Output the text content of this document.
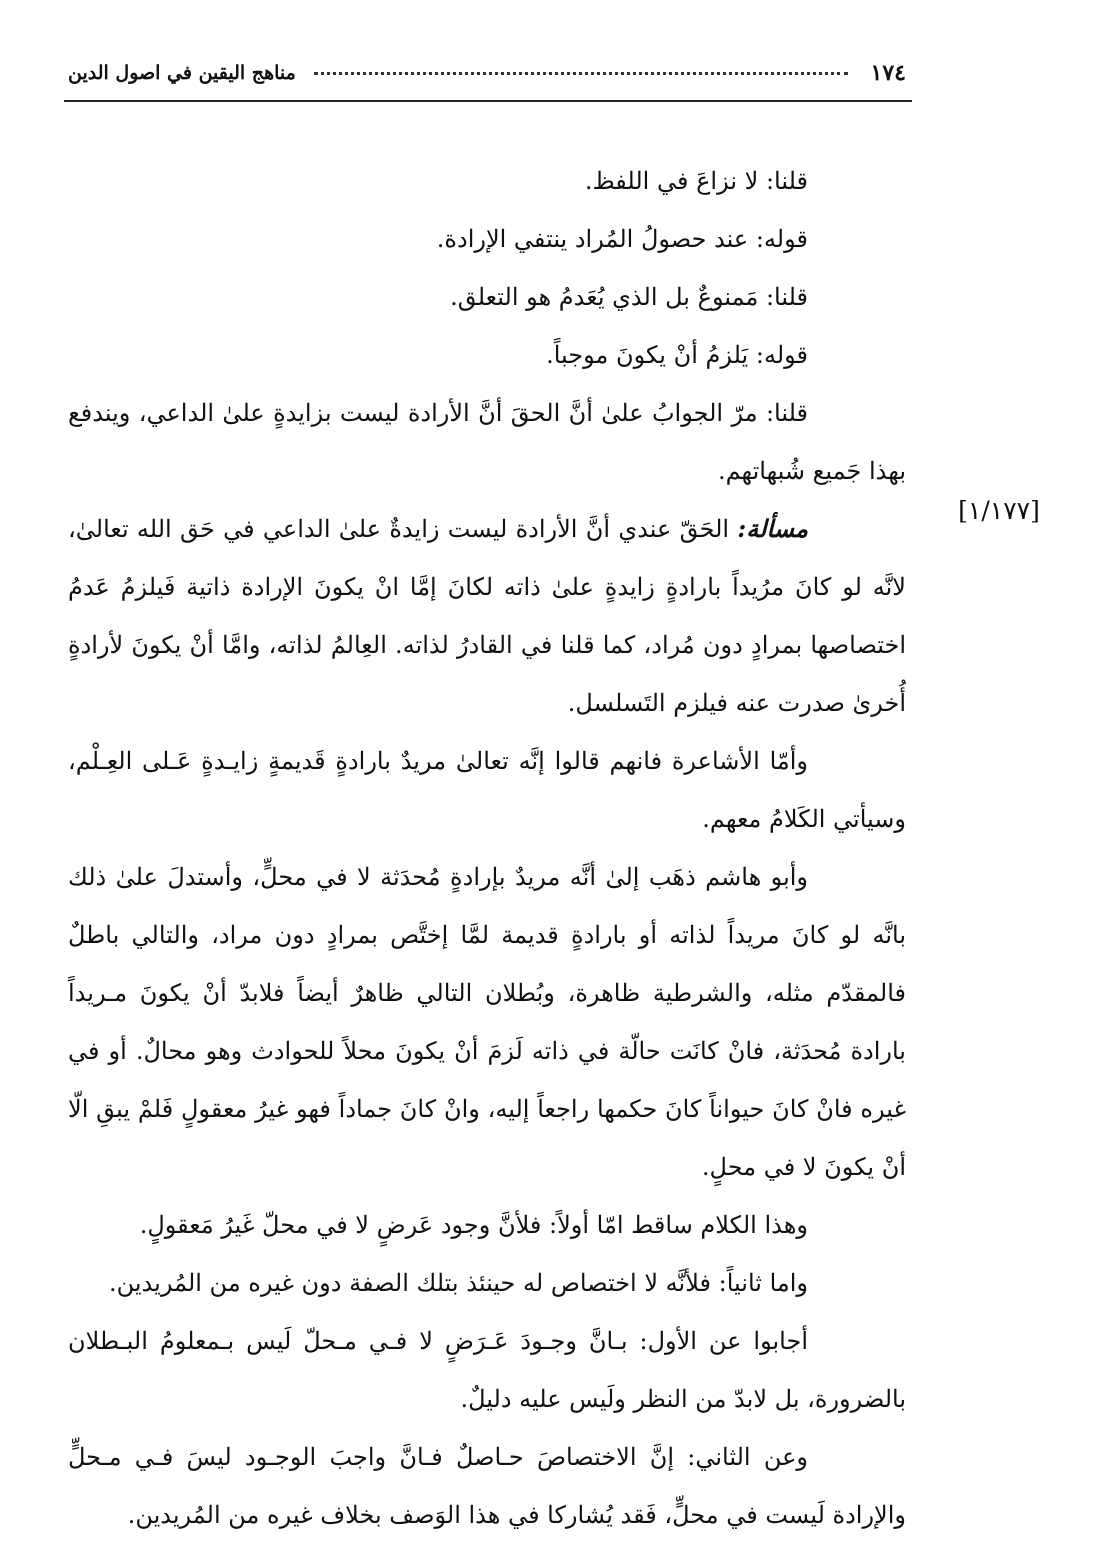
١٧٤
مناهج اليقين في اصول الدين
[١/١٧٧]

قلنا: لا نزاعَ في اللفظ.

قوله: عند حصولُ المُراد ينتفي الإرادة.

قلنا: مَمنوعٌ بل الذي يُعَدمُ هو التعلق.

قوله: يَلزمُ أنْ يكونَ موجباً.

قلنا: مرّ الجوابُ علىٰ أنَّ الحقَ أنَّ الأرادة ليست بزايدةٍ علىٰ الداعي، ويندفع بهذا جَميع شُبهاتهم.

مسألة: الحَقّ عندي أنَّ الأرادة ليست زايدةٌ علىٰ الداعي في حَق الله تعالىٰ، لانَّه لو كانَ مرُيداً بارادةٍ زايدةٍ علىٰ ذاته لكانَ إمَّا انْ يكونَ الإرادة ذاتية فَيلزمُ عَدمُ اختصاصها بمرادٍ دون مُراد، كما قلنا في القادرُ لذاته. العِالمُ لذاته، وامَّا أنْ يكونَ لأرادةٍ أُخرىٰ صدرت عنه فيلزم التَسلسل.

وأمّا الأشاعرة فانهم قالوا إنَّه تعالىٰ مريدٌ بارادةٍ قَديمةٍ زايـدةٍ عَـلى العِـلْم، وسيأتي الكَلامُ معهم.

وأبو هاشم ذهَب إلىٰ أنَّه مريدٌ بإرادةٍ مُحدَثة لا في محلٍّ، وأستدلَ علىٰ ذلك بانَّه لو كانَ مريداً لذاته أو بارادةٍ قديمة لمَّا إختَّص بمرادٍ دون مراد، والتالي باطلٌ فالمقدّم مثله، والشرطية ظاهرة، وبُطلان التالي ظاهرٌ أيضاً فلابدّ أنْ يكونَ مـريداً بارادة مُحدَثة، فانْ كانَت حالّة في ذاته لَزمَ أنْ يكونَ محلاً للحوادث وهو محالٌ. أو في غيره فانْ كانَ حيواناً كانَ حكمها راجعاً إليه، وانْ كانَ جماداً فهو غيرُ معقولٍ فَلمْ يبقِ الّا أنْ يكونَ لا في محلٍ.

وهذا الكلام ساقط امّا أولاً: فلأنَّ وجود عَرضٍ لا في محلّ غَيرُ مَعقولٍ.

واما ثانياً: فلأنَّه لا اختصاص له حينئذ بتلك الصفة دون غيره من المُريدين.

أجابوا عن الأول: بـانَّ وجـودَ عَـرَضٍ لا فـي مـحلّ لَيس بـمعلومُ البـطلان بالضرورة، بل لابدّ من النظر ولَيس عليه دليلٌ.

وعن الثاني: إنَّ الاختصاصَ حـاصلٌ فـانَّ واجبَ الوجـود ليسَ فـي مـحلٍّ والإرادة لَيست في محلٍّ، فَقد يُشاركا في هذا الوَصف بخلاف غيره من المُريدين.
